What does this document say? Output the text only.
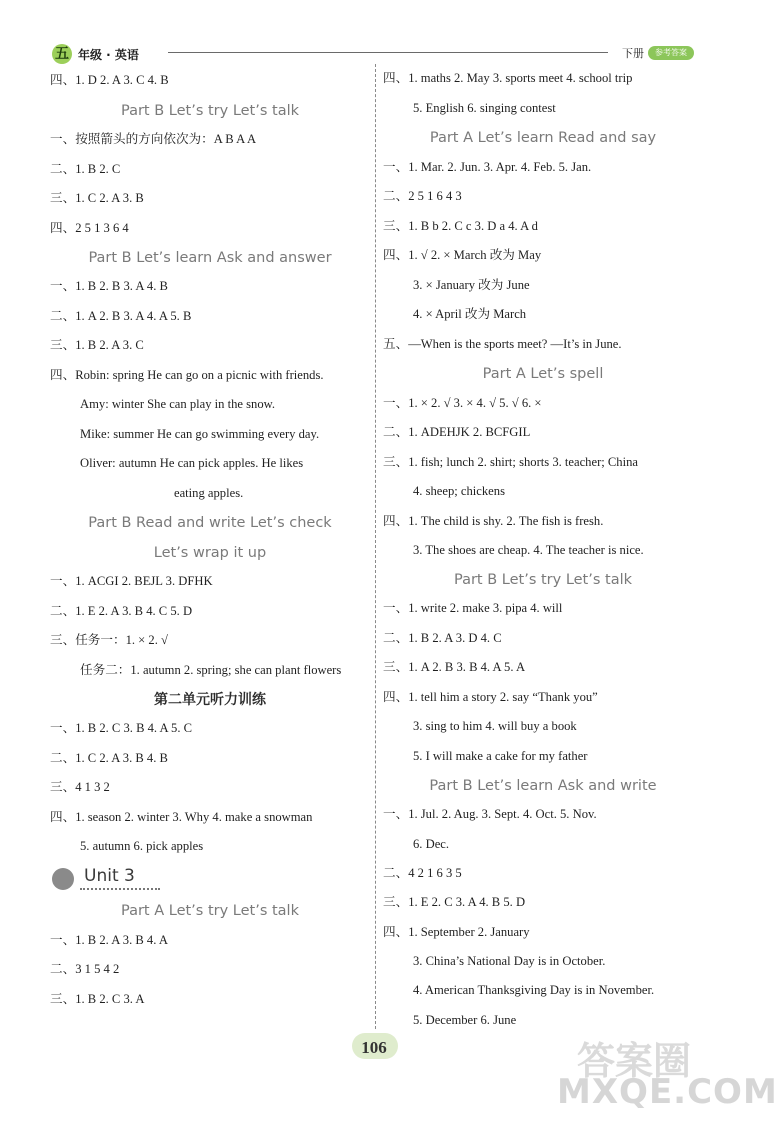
五 年级 · 英语	下册	参考答案
四、1. D 2. A 3. C 4. B
Part B Let’s try Let’s talk
一、按照箭头的方向依次为：A B A A
二、1. B 2. C
三、1. C 2. A 3. B
四、2 5 1 3 6 4
Part B Let’s learn Ask and answer
一、1. B 2. B 3. A 4. B
二、1. A 2. B 3. A 4. A 5. B
三、1. B 2. A 3. C
四、Robin: spring He can go on a picnic with friends.
Amy: winter She can play in the snow.
Mike: summer He can go swimming every day.
Oliver: autumn He can pick apples. He likes
eating apples.
Part B Read and write Let’s check
Let’s wrap it up
一、1. ACGI 2. BEJL 3. DFHK
二、1. E 2. A 3. B 4. C 5. D
三、任务一：1. × 2. √
任务二：1. autumn 2. spring; she can plant flowers
第二单元听力训练
一、1. B 2. C 3. B 4. A 5. C
二、1. C 2. A 3. B 4. B
三、4 1 3 2
四、1. season 2. winter 3. Why 4. make a snowman
5. autumn 6. pick apples
Unit 3
Part A Let’s try Let’s talk
一、1. B 2. A 3. B 4. A
二、3 1 5 4 2
三、1. B 2. C 3. A
四、1. maths 2. May 3. sports meet 4. school trip
5. English 6. singing contest
Part A Let’s learn Read and say
一、1. Mar. 2. Jun. 3. Apr. 4. Feb. 5. Jan.
二、2 5 1 6 4 3
三、1. B b 2. C c 3. D a 4. A d
四、1. √ 2. × March 改为 May
3. × January 改为 June
4. × April 改为 March
五、—When is the sports meet? —It’s in June.
Part A Let’s spell
一、1. × 2. √ 3. × 4. √ 5. √ 6. ×
二、1. ADEHJK 2. BCFGIL
三、1. fish; lunch 2. shirt; shorts 3. teacher; China
4. sheep; chickens
四、1. The child is shy. 2. The fish is fresh.
3. The shoes are cheap. 4. The teacher is nice.
Part B Let’s try Let’s talk
一、1. write 2. make 3. pipa 4. will
二、1. B 2. A 3. D 4. C
三、1. A 2. B 3. B 4. A 5. A
四、1. tell him a story 2. say “Thank you”
3. sing to him 4. will buy a book
5. I will make a cake for my father
Part B Let’s learn Ask and write
一、1. Jul. 2. Aug. 3. Sept. 4. Oct. 5. Nov.
6. Dec.
二、4 2 1 6 3 5
三、1. E 2. C 3. A 4. B 5. D
四、1. September 2. January
3. China’s National Day is in October.
4. American Thanksgiving Day is in November.
5. December 6. June
106	答案圈
MXQE.COM
